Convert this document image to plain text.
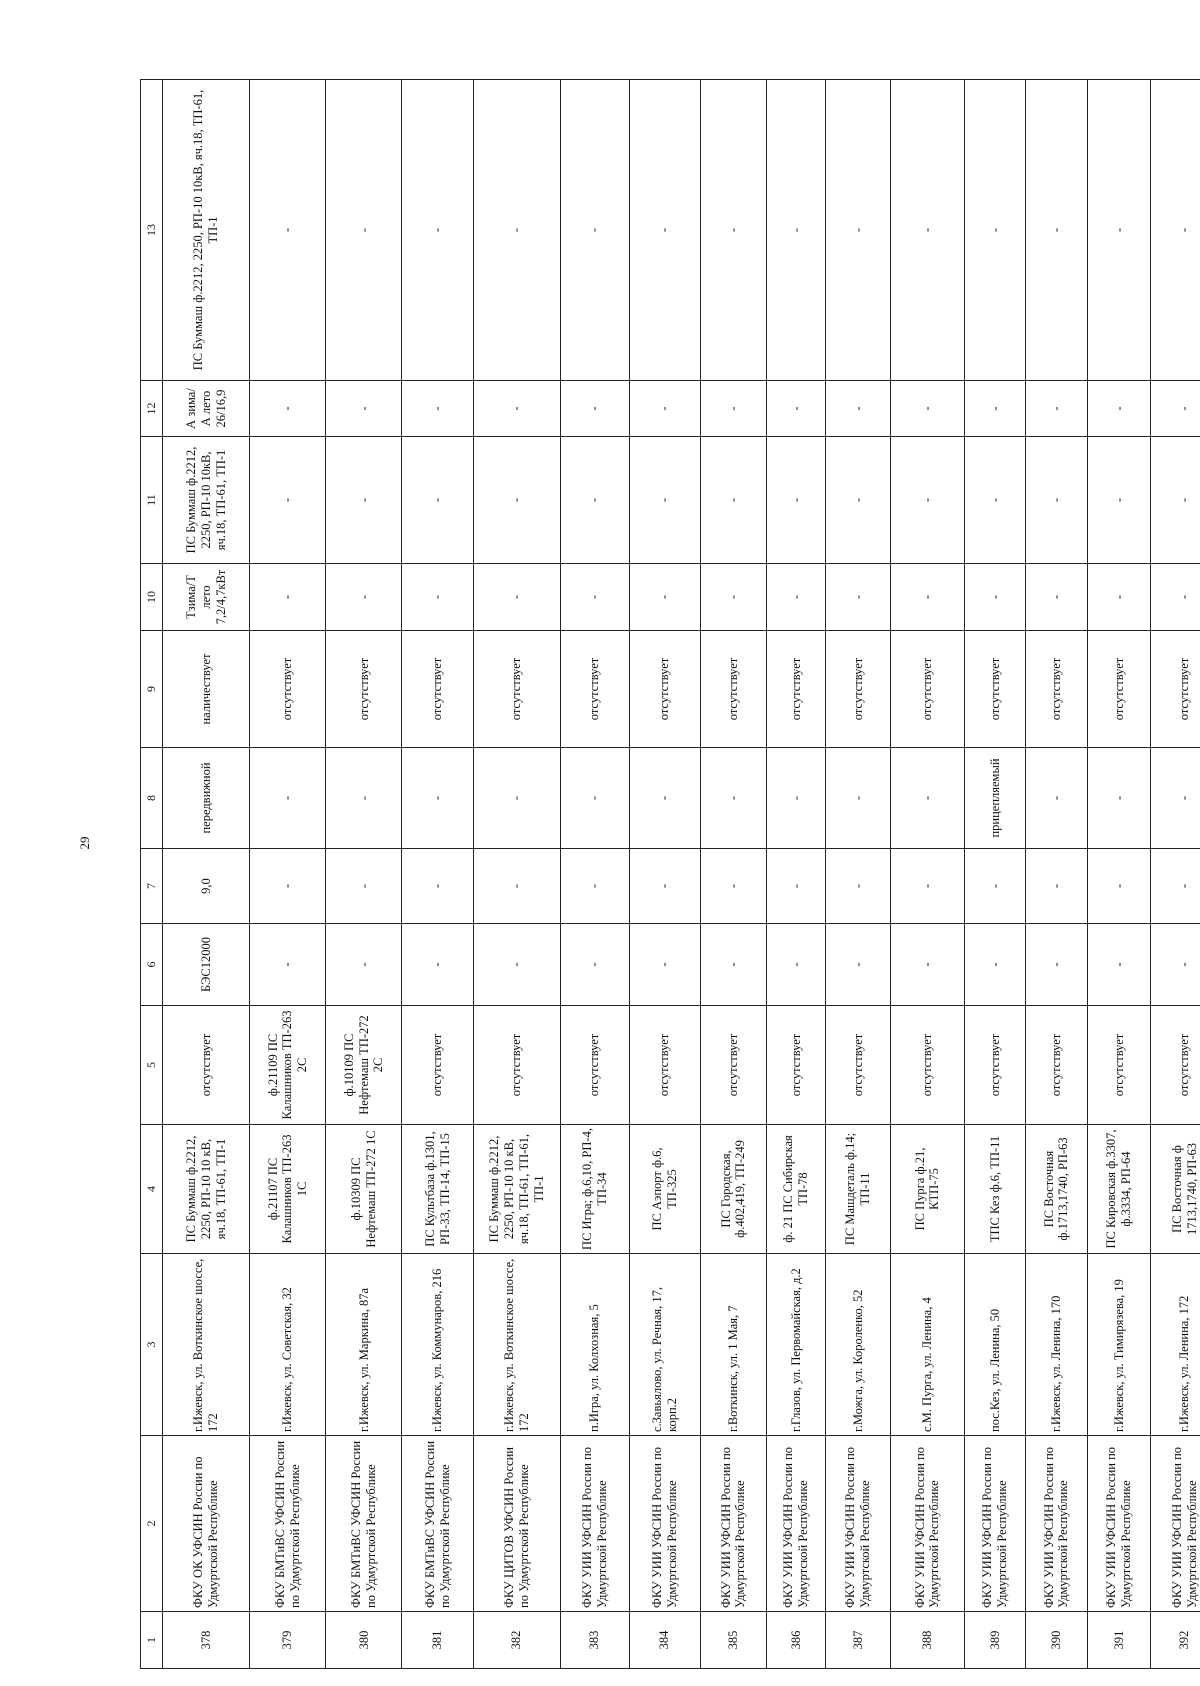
29
1	2	3	4	5	6	7	8	9	10	11	12	13
378	ФКУ ОК УФСИН России по Удмуртской Республике	г.Ижевск, ул. Воткинское шоссе, 172	ПС Буммаш ф.2212, 2250, РП-10 10 кВ, яч.18, ТП-61, ТП-1	отсутствует	БЭС12000	9,0	передвижной	наличествует	Тзима/Т лето 7,2/4,7кВт	ПС Буммаш ф.2212, 2250, РП-10 10кВ, яч.18, ТП-61, ТП-1	А зима/А лето 26/16,9	ПС Буммаш ф.2212, 2250, РП-10 10кВ, яч.18, ТП-61, ТП-1
379	ФКУ БМТиВС УФСИН России по Удмуртской Республике	г.Ижевск, ул. Советская, 32	ф.21107 ПС Калашников ТП-263 1С	ф.21109 ПС Калашников ТП-263 2С	-	-	-	отсутствует	-	-	-	-
380	ФКУ БМТиВС УФСИН России по Удмуртской Республике	г.Ижевск, ул. Маркина, 87а	ф.10309 ПС Нефтемаш ТП-272 1С	ф.10109 ПС Нефтемаш ТП-272 2С	-	-	-	отсутствует	-	-	-	-
381	ФКУ БМТиВС УФСИН России по Удмуртской Республике	г.Ижевск, ул. Коммунаров, 216	ПС Культбаза ф.1301, РП-33, ТП-14, ТП-15	отсутствует	-	-	-	отсутствует	-	-	-	-
382	ФКУ ЦИТОВ УФСИН России по Удмуртской Республике	г.Ижевск, ул. Воткинское шоссе, 172	ПС Буммаш ф.2212, 2250, РП-10 10 кВ, яч.18, ТП-61, ТП-61, ТП-1	отсутствует	-	-	-	отсутствует	-	-	-	-
383	ФКУ УИИ УФСИН России по Удмуртской Республике	п.Игра, ул. Колхозная, 5	ПС Игра; ф.6,10, РП-4, ТП-34	отсутствует	-	-	-	отсутствует	-	-	-	-
384	ФКУ УИИ УФСИН России по Удмуртской Республике	с.Завьялово, ул. Речная, 17, корп.2	ПС Аэпорт ф.6, ТП-325	отсутствует	-	-	-	отсутствует	-	-	-	-
385	ФКУ УИИ УФСИН России по Удмуртской Республике	г.Воткинск, ул. 1 Мая, 7	ПС Городская, ф.402,419, ТП-249	отсутствует	-	-	-	отсутствует	-	-	-	-
386	ФКУ УИИ УФСИН России по Удмуртской Республике	г.Глазов, ул. Первомайская, д.2	ф. 21 ПС Сибирская ТП-78	отсутствует	-	-	-	отсутствует	-	-	-	-
387	ФКУ УИИ УФСИН России по Удмуртской Республике	г.Можга, ул. Короленко, 52	ПС Машдеталь ф.14; ТП-11	отсутствует	-	-	-	отсутствует	-	-	-	-
388	ФКУ УИИ УФСИН России по Удмуртской Республике	с.М. Пурга, ул. Ленина, 4	ПС Пурга ф.21, КТП-75	отсутствует	-	-	-	отсутствует	-	-	-	-
389	ФКУ УИИ УФСИН России по Удмуртской Республике	пос.Кез, ул. Ленина, 50	ТПС Кез ф.6, ТП-11	отсутствует	-	-	прицепляемый	отсутствует	-	-	-	-
390	ФКУ УИИ УФСИН России по Удмуртской Республике	г.Ижевск, ул. Ленина, 170	ПС Восточная ф.1713,1740, РП-63	отсутствует	-	-	-	отсутствует	-	-	-	-
391	ФКУ УИИ УФСИН России по Удмуртской Республике	г.Ижевск, ул. Тимирязева, 19	ПС Кировская ф.3307, ф.3334, РП-64	отсутствует	-	-	-	отсутствует	-	-	-	-
392	ФКУ УИИ УФСИН России по Удмуртской Республике	г.Ижевск, ул. Ленина, 172	ПС Восточная ф 1713,1740, РП-63	отсутствует	-	-	-	отсутствует	-	-	-	-
